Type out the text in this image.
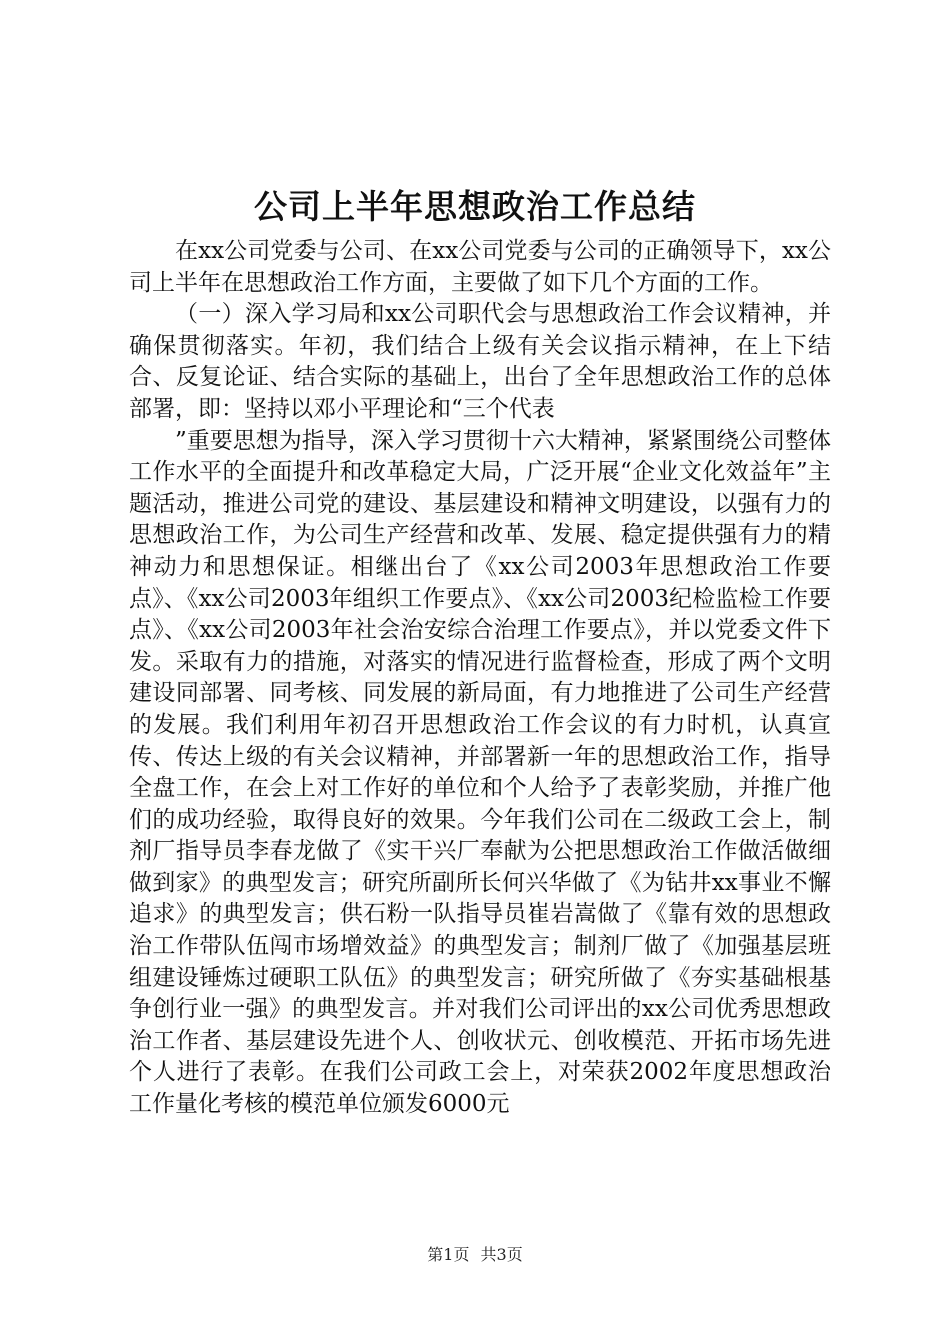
公司上半年思想政治工作总结

在xx公司党委与公司、在xx公司党委与公司的正确领导下，xx公司上半年在思想政治工作方面，主要做了如下几个方面的工作。

（一）深入学习局和xx公司职代会与思想政治工作会议精神，并确保贯彻落实。年初，我们结合上级有关会议指示精神，在上下结合、反复论证、结合实际的基础上，出台了全年思想政治工作的总体部署，即：坚持以邓小平理论和“三个代表

”重要思想为指导，深入学习贯彻十六大精神，紧紧围绕公司整体工作水平的全面提升和改革稳定大局，广泛开展“企业文化效益年”主题活动，推进公司党的建设、基层建设和精神文明建设，以强有力的思想政治工作，为公司生产经营和改革、发展、稳定提供强有力的精神动力和思想保证。相继出台了《xx公司2003年思想政治工作要点》、《xx公司2003年组织工作要点》、《xx公司2003纪检监检工作要点》、《xx公司2003年社会治安综合治理工作要点》，并以党委文件下发。采取有力的措施，对落实的情况进行监督检查，形成了两个文明建设同部署、同考核、同发展的新局面，有力地推进了公司生产经营的发展。我们利用年初召开思想政治工作会议的有力时机，认真宣传、传达上级的有关会议精神，并部署新一年的思想政治工作，指导全盘工作，在会上对工作好的单位和个人给予了表彰奖励，并推广他们的成功经验，取得良好的效果。今年我们公司在二级政工会上，制剂厂指导员李春龙做了《实干兴厂奉献为公把思想政治工作做活做细做到家》的典型发言；研究所副所长何兴华做了《为钻井xx事业不懈追求》的典型发言；供石粉一队指导员崔岩嵩做了《靠有效的思想政治工作带队伍闯市场增效益》的典型发言；制剂厂做了《加强基层班组建设锤炼过硬职工队伍》的典型发言；研究所做了《夯实基础根基争创行业一强》的典型发言。并对我们公司评出的xx公司优秀思想政治工作者、基层建设先进个人、创收状元、创收模范、开拓市场先进个人进行了表彰。在我们公司政工会上，对荣获2002年度思想政治工作量化考核的模范单位颁发6000元

第1页 共3页
